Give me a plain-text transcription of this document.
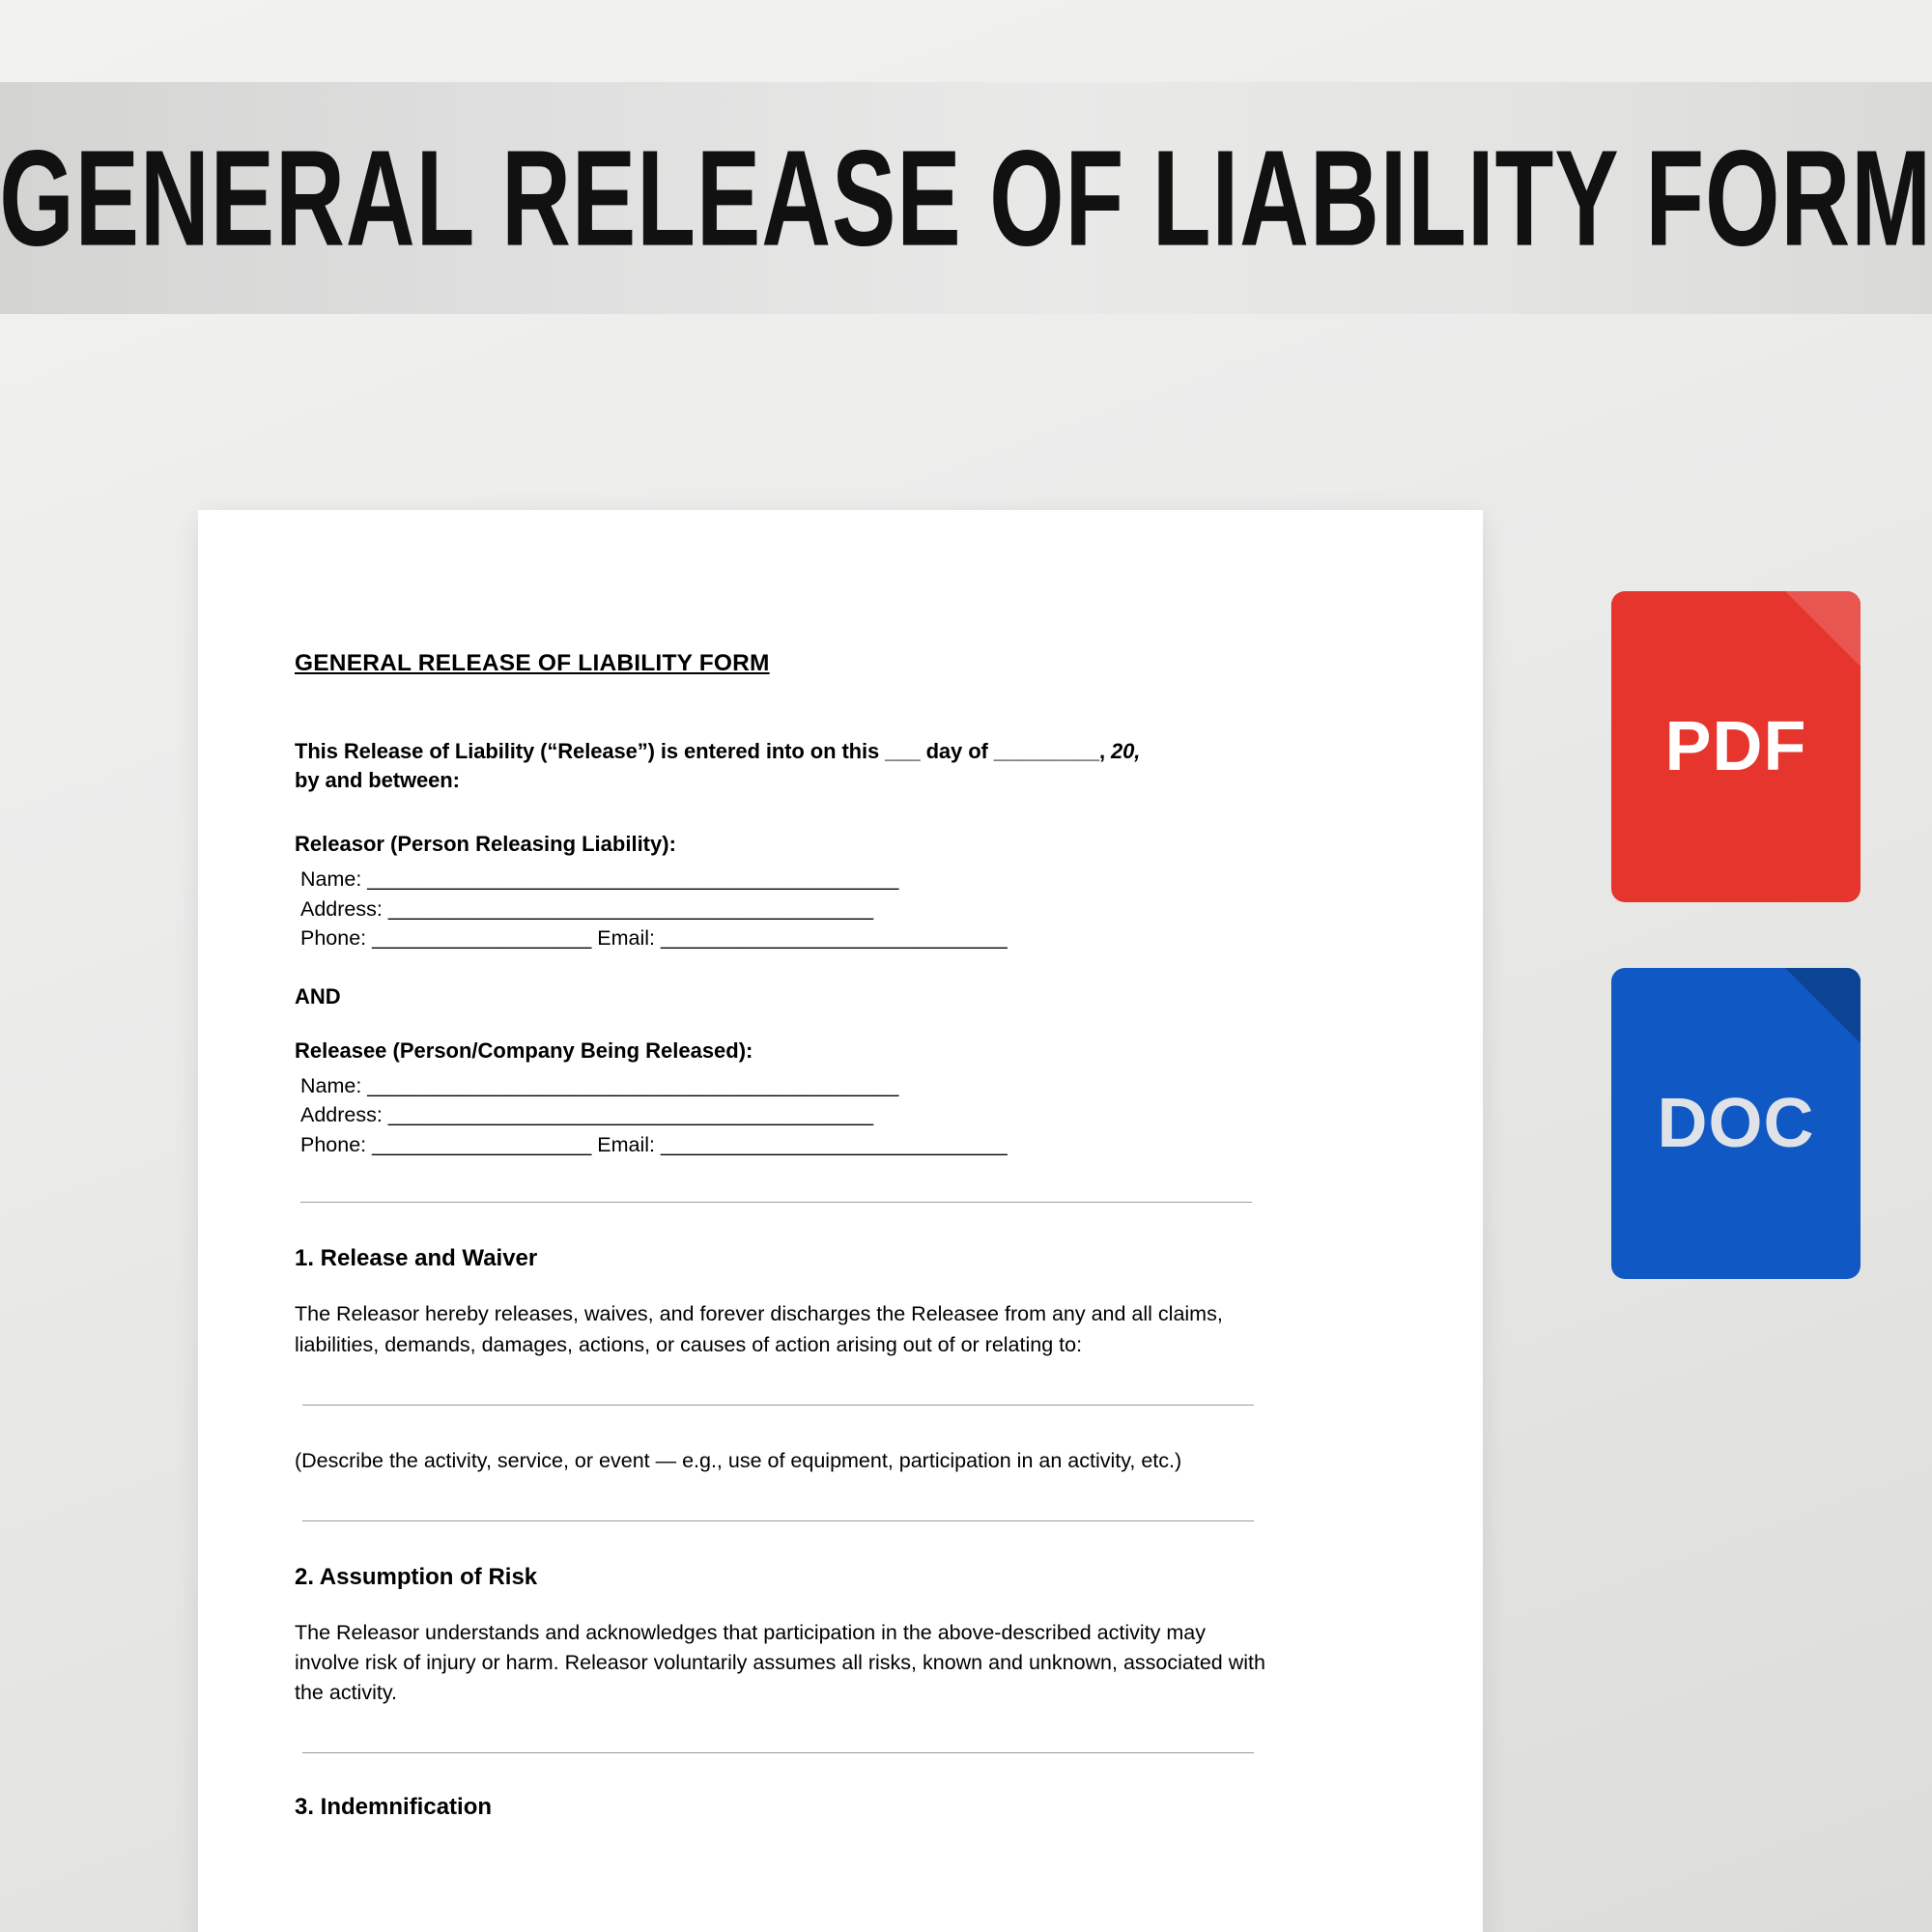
GENERAL RELEASE OF LIABILITY FORM
GENERAL RELEASE OF LIABILITY FORM

This Release of Liability (“Release”) is entered into on this ___ day of _________, 20,
by and between:

Releasor (Person Releasing Liability):
Name: ______________________________________________
Address: __________________________________________
Phone: ___________________ Email: ______________________________
AND
Releasee (Person/Company Being Released):
Name: ______________________________________________
Address: __________________________________________
Phone: ___________________ Email: ______________________________
1. Release and Waiver

The Releasor hereby releases, waives, and forever discharges the Releasee from any and all claims, liabilities, demands, damages, actions, or causes of action arising out of or relating to:

(Describe the activity, service, or event — e.g., use of equipment, participation in an activity, etc.)

2. Assumption of Risk

The Releasor understands and acknowledges that participation in the above-described activity may involve risk of injury or harm. Releasor voluntarily assumes all risks, known and unknown, associated with the activity.

3. Indemnification
PDF
DOC
